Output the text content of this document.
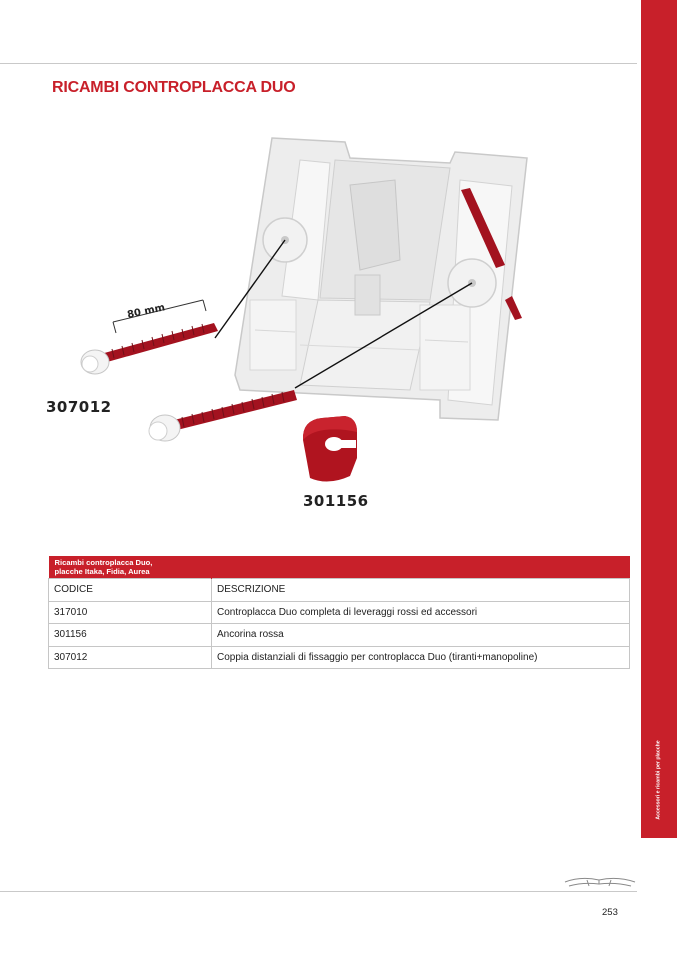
Accessori e ricambi per placche
RICAMBI CONTROPLACCA DUO
80 mm
307012
301156
Ricambi controplacca Duo,
placche Itaka, Fidia, Aurea	
CODICE	DESCRIZIONE
317010	Controplacca Duo completa di leveraggi rossi ed accessori
301156	Ancorina rossa
307012	Coppia distanziali di fissaggio per controplacca Duo (tiranti+manopoline)
253
